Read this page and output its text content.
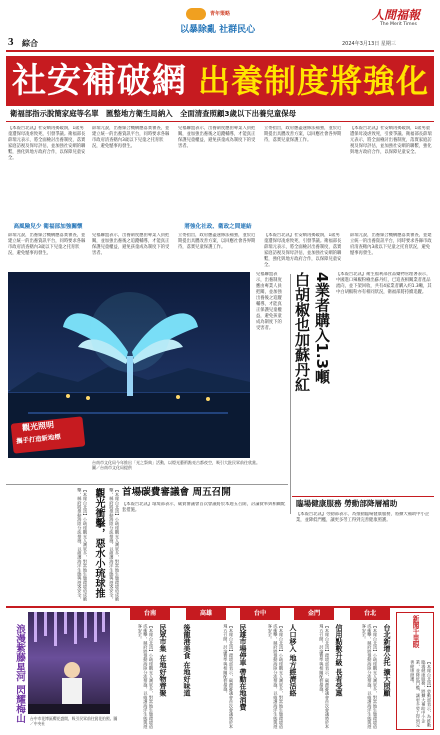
3 綜合
青年策略
以暴除亂 社群民心
人間福報
The Merit Times
2024年3月13日 星期三
社安補破網 出養制度將強化
衛福部指示脫簡家庭等名單　匯整地方衛生局納入　全面清查照顧3歲以下出養兒童保母
【本報台北訊】社安網再揭破洞，1歲男童遭保母凌虐致死，引發爭議。衛福部長薛瑞元表示，將全面檢討出養制度，落實家庭訪視及保母評估，並加強社安網的聯繫，強化與地方政府合作，以保障兒童安全。
薛瑞元說，出養媒合機構應落實審查，並建立統一的出養資訊平台，同時要求各縣市政府清查轄內3歲以下兒童之托育狀況，避免憾事再發生。
兒福聯盟表示，出養制度應由專業人員把關，並加強出養後之追蹤輔導，才能真正保護兒童權益，避免孩童成為制度下的受害者。
立委指出，政府應盡速修法補強，並於近期提出具體改善方案，以回應社會各界期待，落實兒童保護工作。
【本報台北訊】社安網再揭破洞，1歲男童遭保母凌虐致死，引發爭議。衛福部長薛瑞元表示，將全面檢討出養制度，落實家庭訪視及保母評估，並加強社安網的聯繫，強化與地方政府合作，以保障兒童安全。
高風險兒少 衛福部加強關懷	將強化社政、衛政之間連結
薛瑞元說，出養媒合機構應落實審查，並建立統一的出養資訊平台，同時要求各縣市政府清查轄內3歲以下兒童之托育狀況，避免憾事再發生。
兒福聯盟表示，出養制度應由專業人員把關，並加強出養後之追蹤輔導，才能真正保護兒童權益，避免孩童成為制度下的受害者。
立委指出，政府應盡速修法補強，並於近期提出具體改善方案，以回應社會各界期待，落實兒童保護工作。
【本報台北訊】社安網再揭破洞，1歲男童遭保母凌虐致死，引發爭議。衛福部長薛瑞元表示，將全面檢討出養制度，落實家庭訪視及保母評估，並加強社安網的聯繫，強化與地方政府合作，以保障兒童安全。
薛瑞元說，出養媒合機構應落實審查，並建立統一的出養資訊平台，同時要求各縣市政府清查轄內3歲以下兒童之托育狀況，避免憾事再發生。
觀光照明
攜手打造新地標
台南市文化局今年推出「光之祭典」活動，以燈光藝術點亮古都夜空，吸引大批民眾前往欣賞。圖／台南市文化局提供
兒福聯盟表示，出養制度應由專業人員把關，並加強出養後之追蹤輔導，才能真正保護兒童權益，避免孩童成為制度下的受害者。	白胡椒也加蘇丹紅 4業者購入1.3噸 【本報台北訊】衛生福利部食品藥物管理署表示，中國進口辣椒粉檢出蘇丹紅，已追查相關業者產品流向，並下架回收，共有4家業者購入約1.3噸，其中白胡椒粉亦有相同狀況，衛福部將持續追蹤。
臨場健康服務 勞動部降層補助
【本報台北訊】勞動部表示，為推動臨場健康服務，將擴大補助中小企業，並降低門檻，讓更多勞工得到完善健康照護。
【本報台北訊】小琉球觀光人潮眾多，對當地生態環境造成衝擊，縣府將推動海陸分流措施，以維護海洋生態與遊客安全。	觀光衝擊，惡水小琉球推	【本報台北訊】小琉球觀光人潮眾多，對當地生態環境造成衝擊，縣府將推動海陸分流措施，以維護海洋生態與遊客安全。 首場碳費審議會 周五召開
【本報台北訊】環境部表示，碳費審議會首次會議將於本週五召開，討論費率與相關配套措施。
台南	高雄	台中	金門	台北
浪漫紫藤星河 閃耀梅山 台中市花博區櫻花盛開，吸引民眾前往賞花拍照。圖／中央社	【本報台北訊】小琉球觀光人潮眾多，對當地生態環境造成衝擊，縣府將推動海陸分流措施，以維護海洋生態與遊客安全。	民眾市集 在地好物齊聚	後龍港美食 在地好味道	【本報台北訊】環境部表示，碳費審議會首次會議將於本週五召開，討論費率與相關配套措施。	民雄市場停車 帶動在地消費	【本報台北訊】小琉球觀光人潮眾多，對當地生態環境造成衝擊，縣府將推動海陸分流措施，以維護海洋生態與遊客安全。	人口移入 地方經濟活絡	【本報台北訊】環境部表示，碳費審議會首次會議將於本週五召開，討論費率與相關配套措施。	信用點數升級 長者受惠	【本報台北訊】小琉球觀光人潮眾多，對當地生態環境造成衝擊，縣府將推動海陸分流措施，以維護海洋生態與遊客安全。	台北新增公托 擴大照顧	新聞千里眼
【本報台北訊】勞動部表示，為推動臨場健康服務，將擴大補助中小企業，並降低門檻，讓更多勞工得到完善健康照護。
